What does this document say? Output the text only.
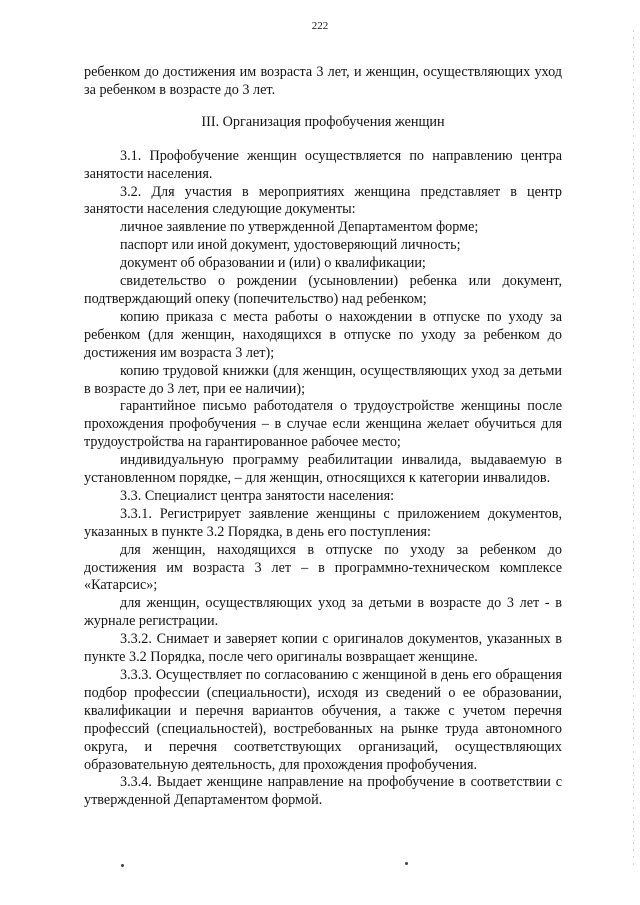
222

ребенком до достижения им возраста 3 лет, и женщин, осуществляющих уход за ребенком в возрасте до 3 лет.

III. Организация профобучения женщин

3.1. Профобучение женщин осуществляется по направлению центра занятости населения.

3.2. Для участия в мероприятиях женщина представляет в центр занятости населения следующие документы:

личное заявление по утвержденной Департаментом форме;

паспорт или иной документ, удостоверяющий личность;

документ об образовании и (или) о квалификации;

свидетельство о рождении (усыновлении) ребенка или документ, подтверждающий опеку (попечительство) над ребенком;

копию приказа с места работы о нахождении в отпуске по уходу за ребенком (для женщин, находящихся в отпуске по уходу за ребенком до достижения им возраста 3 лет);

копию трудовой книжки (для женщин, осуществляющих уход за детьми в возрасте до 3 лет, при ее наличии);

гарантийное письмо работодателя о трудоустройстве женщины после прохождения профобучения – в случае если женщина желает обучиться для трудоустройства на гарантированное рабочее место;

индивидуальную программу реабилитации инвалида, выдаваемую в установленном порядке, – для женщин, относящихся к категории инвалидов.

3.3. Специалист центра занятости населения:

3.3.1. Регистрирует заявление женщины с приложением документов, указанных в пункте 3.2 Порядка, в день его поступления:

для женщин, находящихся в отпуске по уходу за ребенком до достижения им возраста 3 лет – в программно-техническом комплексе «Катарсис»;

для женщин, осуществляющих уход за детьми в возрасте до 3 лет - в журнале регистрации.

3.3.2. Снимает и заверяет копии с оригиналов документов, указанных в пункте 3.2 Порядка, после чего оригиналы возвращает женщине.

3.3.3. Осуществляет по согласованию с женщиной в день его обращения подбор профессии (специальности), исходя из сведений о ее образовании, квалификации и перечня вариантов обучения, а также с учетом перечня профессий (специальностей), востребованных на рынке труда автономного округа, и перечня соответствующих организаций, осуществляющих образовательную деятельность, для прохождения профобучения.

3.3.4. Выдает женщине направление на профобучение в соответствии с утвержденной Департаментом формой.
